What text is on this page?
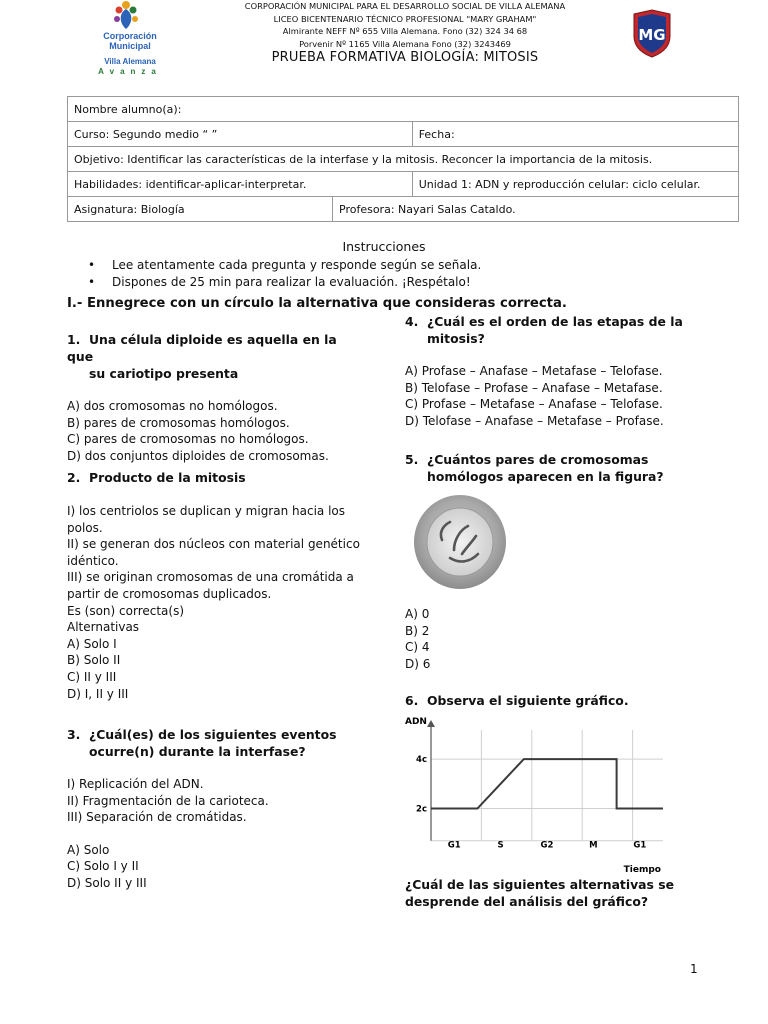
Corporación
Municipal
Villa Alemana
Avanza
MG
CORPORACIÓN MUNICIPAL PARA EL DESARROLLO SOCIAL DE VILLA ALEMANA
LICEO BICENTENARIO TÉCNICO PROFESIONAL "MARY GRAHAM"
Almirante NEFF Nº 655 Villa Alemana. Fono (32) 324 34 68
Porvenir Nº 1165 Villa Alemana Fono (32) 3243469
PRUEBA FORMATIVA BIOLOGÍA: MITOSIS
Nombre alumno(a):		
Curso: Segundo medio “ ”		Fecha:
Objetivo: Identificar las características de la interfase y la mitosis. Reconcer la importancia de la mitosis.		
Habilidades: identificar-aplicar-interpretar.		Unidad 1: ADN y reproducción celular: ciclo celular.
Asignatura: Biología	Profesora: Nayari Salas Cataldo.	
Instrucciones
• Lee atentamente cada pregunta y responde según se señala.
• Dispones de 25 min para realizar la evaluación. ¡Respétalo!
I.- Ennegrece con un círculo la alternativa que consideras correcta.
1. Una célula diploide es aquella en la que
su cariotipo presenta
A) dos cromosomas no homólogos.
B) pares de cromosomas homólogos.
C) pares de cromosomas no homólogos.
D) dos conjuntos diploides de cromosomas.
2. Producto de la mitosis
I) los centriolos se duplican y migran hacia los
polos.
II) se generan dos núcleos con material genético
idéntico.
III) se originan cromosomas de una cromátida a
partir de cromosomas duplicados.
Es (son) correcta(s)
Alternativas
A) Solo I
B) Solo II
C) II y III
D) I, II y III
3. ¿Cuál(es) de los siguientes eventos
ocurre(n) durante la interfase?
I) Replicación del ADN.
II) Fragmentación de la carioteca.
III) Separación de cromátidas.
A) Solo
C) Solo I y II
D) Solo II y III
4. ¿Cuál es el orden de las etapas de la
mitosis?
A) Profase – Anafase – Metafase – Telofase.
B) Telofase – Profase – Anafase – Metafase.
C) Profase – Metafase – Anafase – Telofase.
D) Telofase – Anafase – Metafase – Profase.
5. ¿Cuántos pares de cromosomas
homólogos aparecen en la figura?
A) 0
B) 2
C) 4
D) 6
6. Observa el siguiente gráfico.
ADN
Tiempo
2c
4c
G1	S	G2	M	G1
¿Cuál de las siguientes alternativas se
desprende del análisis del gráfico?
1
